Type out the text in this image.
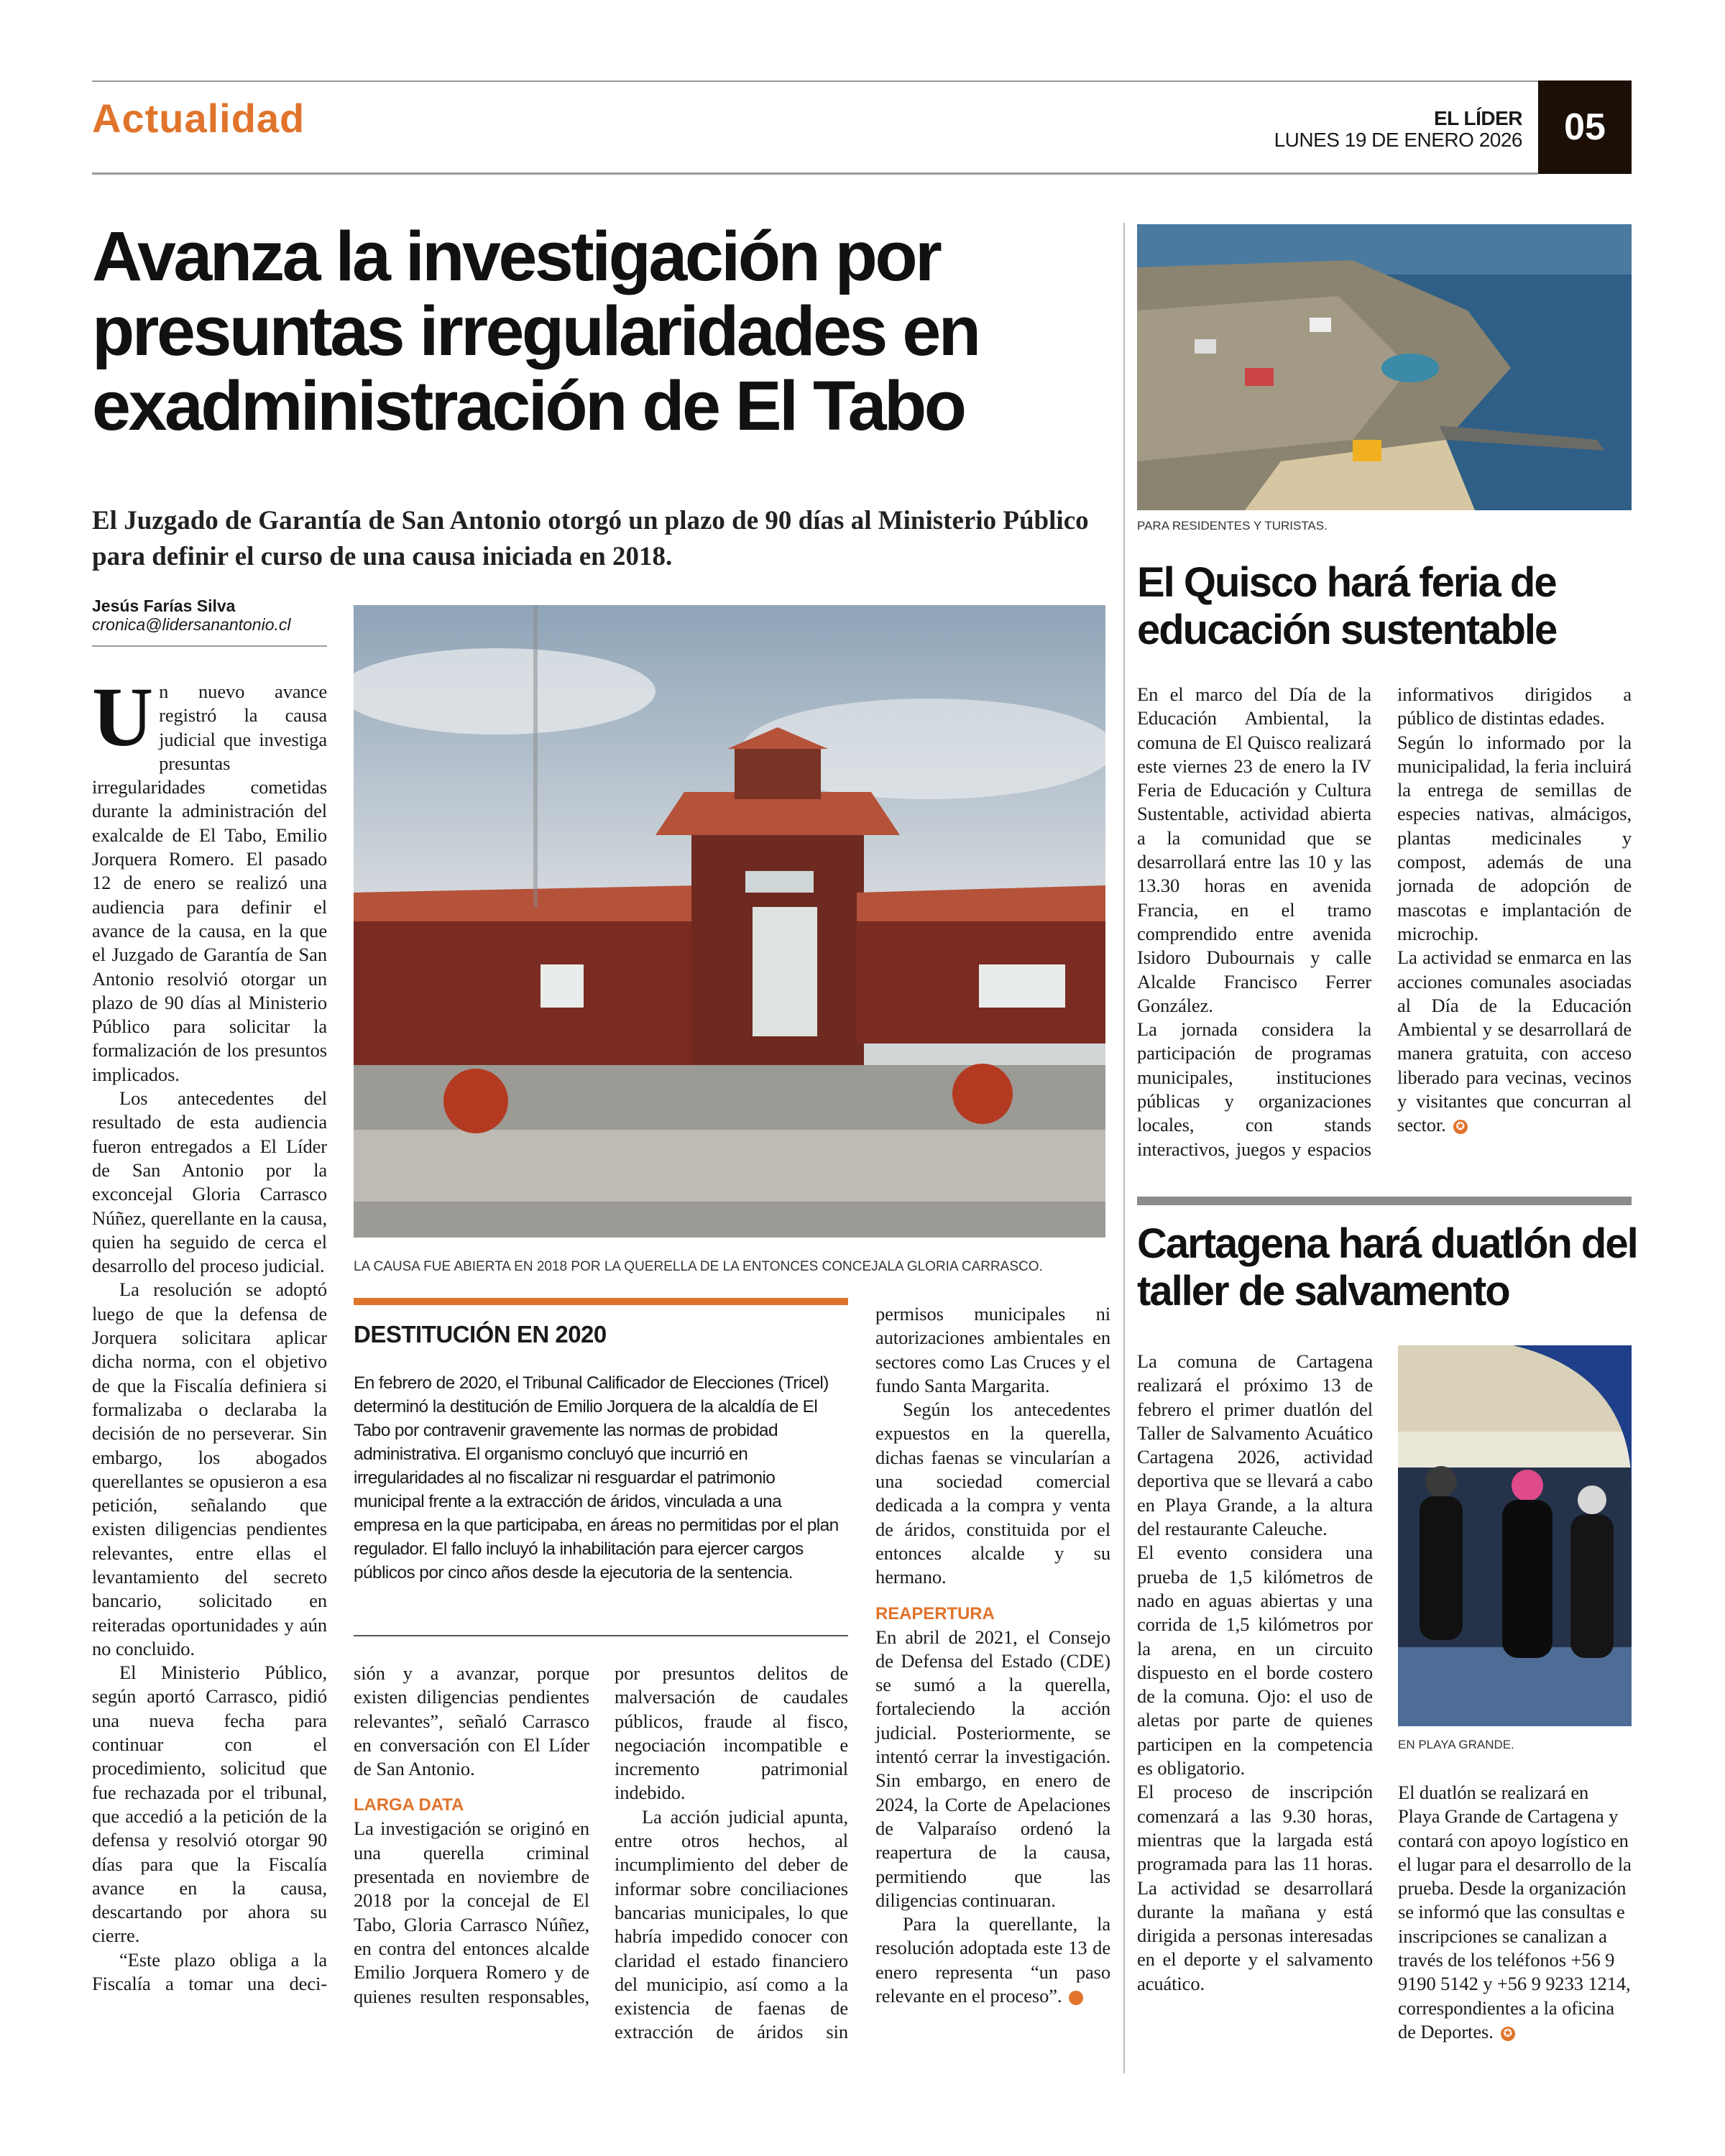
Actualidad	EL LÍDER
LUNES 19 DE ENERO 2026	05
Avanza la investigación por presuntas irregularidades en exadministración de El Tabo
El Juzgado de Garantía de San Antonio otorgó un plazo de 90 días al Ministerio Público para definir el curso de una causa iniciada en 2018.
Jesús Farías Silva
cronica@lidersanantonio.cl

Un nuevo avance registró la causa judicial que investiga presuntas irregularidades cometidas durante la administración del exalcalde de El Tabo, Emilio Jorquera Romero. El pasado 12 de enero se realizó una audiencia para definir el avance de la causa, en la que el Juzgado de Garantía de San Antonio resolvió otorgar un plazo de 90 días al Ministerio Público para solicitar la formalización de los presuntos implicados.

Los antecedentes del resultado de esta audiencia fueron entregados a El Líder de San Antonio por la exconcejal Gloria Carrasco Núñez, querellante en la causa, quien ha seguido de cerca el desarrollo del proceso judicial.

La resolución se adoptó luego de que la defensa de Jorquera solicitara aplicar dicha norma, con el objetivo de que la Fiscalía definiera si formalizaba o declaraba la decisión de no perseverar. Sin embargo, los abogados querellantes se opusieron a esa petición, señalando que existen diligencias pendientes relevantes, entre ellas el levantamiento del secreto bancario, solicitado en reiteradas oportunidades y aún no concluido.

El Ministerio Público, según aportó Carrasco, pidió una nueva fecha para continuar con el procedimiento, solicitud que fue rechazada por el tribunal, que accedió a la petición de la defensa y resolvió otorgar 90 días para que la Fiscalía avance en la causa, descartando por ahora su cierre.

“Este plazo obliga a la Fiscalía a tomar una deci-

LA CAUSA FUE ABIERTA EN 2018 POR LA QUERELLA DE LA ENTONCES CONCEJALA GLORIA CARRASCO.
DESTITUCIÓN EN 2020
En febrero de 2020, el Tribunal Calificador de Elecciones (Tricel) determinó la destitución de Emilio Jorquera de la alcaldía de El Tabo por contravenir gravemente las normas de probidad administrativa. El organismo concluyó que incurrió en irregularidades al no fiscalizar ni resguardar el patrimonio municipal frente a la extracción de áridos, vinculada a una empresa en la que participaba, en áreas no permitidas por el plan regulador. El fallo incluyó la inhabilitación para ejercer cargos públicos por cinco años desde la ejecutoria de la sentencia.

sión y a avanzar, porque existen diligencias pendientes relevantes”, señaló Carrasco en conversación con El Líder de San Antonio.

LARGA DATA

La investigación se originó en una querella criminal presentada en noviembre de 2018 por la concejal de El Tabo, Gloria Carrasco Núñez, en contra del entonces alcalde Emilio Jorquera Romero y de quienes resulten responsables,

por presuntos delitos de malversación de caudales públicos, fraude al fisco, negociación incompatible e incremento patrimonial indebido.

La acción judicial apunta, entre otros hechos, al incumplimiento del deber de informar sobre conciliaciones bancarias municipales, lo que habría impedido conocer con claridad el estado financiero del municipio, así como a la existencia de faenas de extracción de áridos sin

permisos municipales ni autorizaciones ambientales en sectores como Las Cruces y el fundo Santa Margarita.

Según los antecedentes expuestos en la querella, dichas faenas se vincularían a una sociedad comercial dedicada a la compra y venta de áridos, constituida por el entonces alcalde y su hermano.

REAPERTURA

En abril de 2021, el Consejo de Defensa del Estado (CDE) se sumó a la querella, fortaleciendo la acción judicial. Posteriormente, se intentó cerrar la investigación. Sin embargo, en enero de 2024, la Corte de Apelaciones de Valparaíso ordenó la reapertura de la causa, permitiendo que las diligencias continuaran.

Para la querellante, la resolución adoptada este 13 de enero representa “un paso relevante en el proceso”.	✪

PARA RESIDENTES Y TURISTAS.
El Quisco hará feria de educación sustentable

En el marco del Día de la Educación Ambiental, la comuna de El Quisco realizará este viernes 23 de enero la IV Feria de Educación y Cultura Sustentable, actividad abierta a la comunidad que se desarrollará entre las 10 y las 13.30 horas en avenida Francia, en el tramo comprendido entre avenida Isidoro Dubournais y calle Alcalde Francisco Ferrer González.

La jornada considera la participación de programas municipales, instituciones públicas y organizaciones locales, con stands interactivos, juegos y espacios informativos dirigidos a público de distintas edades.

Según lo informado por la municipalidad, la feria incluirá la entrega de semillas de especies nativas, almácigos, plantas medicinales y compost, además de una jornada de adopción de mascotas e implantación de microchip.

La actividad se enmarca en las acciones comunales asociadas al Día de la Educación Ambiental y se desarrollará de manera gratuita, con acceso liberado para vecinas, vecinos y visitantes que concurran al sector. ✪

Cartagena hará duatlón del taller de salvamento

La comuna de Cartagena realizará el próximo 13 de febrero el primer duatlón del Taller de Salvamento Acuático Cartagena 2026, actividad deportiva que se llevará a cabo en Playa Grande, a la altura del restaurante Caleuche.

El evento considera una prueba de 1,5 kilómetros de nado en aguas abiertas y una corrida de 1,5 kilómetros por la arena, en un circuito dispuesto en el borde costero de la comuna. Ojo: el uso de aletas por parte de quienes participen en la competencia es obligatorio.

El proceso de inscripción comenzará a las 9.30 horas, mientras que la largada está programada para las 11 horas. La actividad se desarrollará durante la mañana y está dirigida a personas interesadas en el deporte y el salvamento acuático.

EN PLAYA GRANDE.

El duatlón se realizará en Playa Grande de Cartagena y contará con apoyo logístico en el lugar para el desarrollo de la prueba. Desde la organización se informó que las consultas e inscripciones se canalizan a través de los teléfonos +56 9 9190 5142 y +56 9 9233 1214, correspondientes a la oficina de Deportes. ✪
